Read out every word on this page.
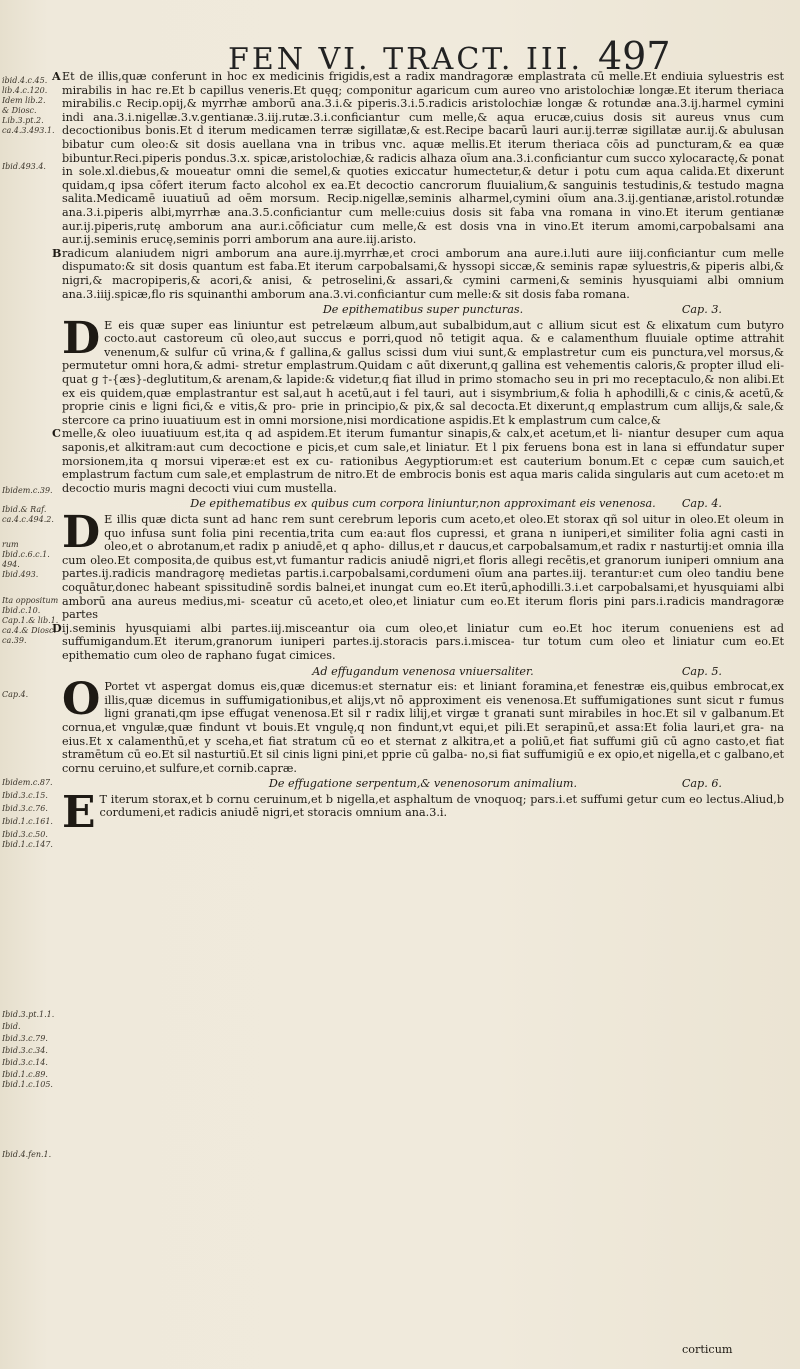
FEN VI. TRACT. III. 497
ibid.4.c.45.
lib.4.c.120.
Idem lib.2.
& Diosc.
Lib.3.pt.2.
ca.4.3.493.1.
Ibid.493.4.
Ibidem.c.39.
Ibid.& Raf.
ca.4.c.494.2.
rum
Ibid.c.6.c.1.
494.
Ibid.493.
Ita oppositum
Ibid.c.10.
Cap.1.& lib.1.
ca.4.& Diosc.
ca.39.
Cap.4.
Ibidem.c.87.
Ibid.3.c.15.
Ibid.3.c.76.
Ibid.1.c.161.
Ibid.3.c.50.
Ibid.1.c.147.
Ibid.3.pt.1.1.
Ibid.
Ibid.3.c.79.
Ibid.3.c.34.
Ibid.3.c.14.
Ibid.1.c.89.
Ibid.1.c.105.
Ibid.4.fen.1.

AEt de illis,quæ conferunt in hoc ex medicinis frigidis,est a radix mandragoræ emplastrata cū melle.Et endiuia syluestris est mirabilis in hac re.Et b capillus veneris.Et quęq; componitur agaricum cum aureo vno aristolochiæ longæ.Et iterum theriaca mirabilis.c Recip.opij,& myrrhæ amborū ana.3.i.& piperis.3.i.5.radicis aristolochiæ longæ & rotundæ ana.3.ij.harmel cymini indi ana.3.i.nigellæ.3.v.gentianæ.3.iij.rutæ.3.i.conficiantur cum melle,& aqua erucæ,cuius dosis sit aureus vnus cum decoctionibus bonis.Et d iterum medicamen terræ sigillatæ,& est.Recipe bacarū lauri aur.ij.terræ sigillatæ aur.ij.& abulusan bibatur cum oleo:& sit dosis auellana vna in tribus vnc. aquæ mellis.Et iterum theriaca cōis ad puncturam,& ea quæ bibuntur.Reci.piperis pondus.3.x. spicæ,aristolochiæ,& radicis alhaza oīum ana.3.i.conficiantur cum succo xylocaractę,& ponat in sole.xl.diebus,& moueatur omni die semel,& quoties exiccatur humectetur,& detur i potu cum aqua calida.Et dixerunt quidam,q ipsa cōfert iterum facto alcohol ex ea.Et decoctio cancrorum fluuialium,& sanguinis testudinis,& testudo magna salita.Medicamē iuuatiuū ad oēm morsum. Recip.nigellæ,seminis alharmel,cymini oīum ana.3.ij.gentianæ,aristol.rotundæ ana.3.i.piperis albi,myrrhæ ana.3.5.conficiantur cum melle:cuius dosis sit faba vna romana in vino.Et iterum gentianæ aur.ij.piperis,rutę amborum ana aur.i.cōficiatur cum melle,& est dosis vna in vino.Et iterum amomi,carpobalsami ana aur.ij.seminis erucę,seminis porri amborum ana aure.iij.aristo.

Bradicum alaniudem nigri amborum ana aure.ij.myrrhæ,et croci amborum ana aure.i.luti aure iiij.conficiantur cum melle dispumato:& sit dosis quantum est faba.Et iterum carpobalsami,& hyssopi siccæ,& seminis rapæ syluestris,& piperis albi,& nigri,& macropiperis,& acori,& anisi, & petroselini,& assari,& cymini carmeni,& seminis hyusquiami albi omnium ana.3.iiij.spicæ,flo ris squinanthi amborum ana.3.vi.conficiantur cum melle:& sit dosis faba romana.

De epithematibus super puncturas.	Cap. 3.

D E eis quæ super eas liniuntur est petrelæum album,aut subalbidum,aut c allium sicut est & elixatum cum butyro cocto.aut castoreum cū oleo,aut succus e porri,quod nō tetigit aqua. & e calamenthum fluuiale optime attrahit venenum,& sulfur cū vrina,& f gallina,& gallus scissi dum viui sunt,& emplastretur cum eis punctura,vel morsus,& permutetur omni hora,& admi- stretur emplastrum.Quidam c aūt dixerunt,q gallina est vehementis caloris,& propter illud eli- quat g †-{æs}-deglutitum,& arenam,& lapide:& videtur,q fiat illud in primo stomacho seu in pri mo receptaculo,& non alibi.Et ex eis quidem,quæ emplastrantur est sal,aut h acetū,aut i fel tauri, aut i sisymbrium,& folia h aphodilli,& c cinis,& acetū,& proprie cinis e ligni fici,& e vitis,& pro- prie in principio,& pix,& sal decocta.Et dixerunt,q emplastrum cum allijs,& sale,& stercore ca prino iuuatiuum est in omni morsione,nisi mordicatione aspidis.Et k emplastrum cum calce,&

Cmelle,& oleo iuuatiuum est,ita q ad aspidem.Et iterum fumantur sinapis,& calx,et acetum,et li- niantur desuper cum aqua saponis,et alkitram:aut cum decoctione e picis,et cum sale,et liniatur. Et l pix feruens bona est in lana si effundatur super morsionem,ita q morsui viperæ:et est ex cu- rationibus Aegyptiorum:et est cauterium bonum.Et c cepæ cum sauich,et emplastrum factum cum sale,et emplastrum de nitro.Et de embrocis bonis est aqua maris calida singularis aut cum aceto:et m decoctio muris magni decocti viui cum mustella.

De epithematibus ex quibus cum corpora liniuntur,non approximant eis venenosa. Cap. 4.

D E illis quæ dicta sunt ad hanc rem sunt cerebrum leporis cum aceto,et oleo.Et storax qñ sol uitur in oleo.Et oleum in quo infusa sunt folia pini recentia,trita cum ea:aut flos cupressi, et grana n iuniperi,et similiter folia agni casti in oleo,et o abrotanum,et radix p aniudē,et q apho- dillus,et r daucus,et carpobalsamum,et radix r nasturtij:et omnia illa cum oleo.Et composita,de quibus est,vt fumantur radicis aniudē nigri,et floris allegi recētis,et granorum iuniperi omnium ana partes.ij.radicis mandragorę medietas partis.i.carpobalsami,cordumeni oīum ana partes.iij. terantur:et cum oleo tandiu bene coquātur,donec habeant spissitudinē sordis balnei,et inungat cum eo.Et iterū,aphodilli.3.i.et carpobalsami,et hyusquiami albi amborū ana aureus medius,mi- sceatur cū aceto,et oleo,et liniatur cum eo.Et iterum floris pini pars.i.radicis mandragoræ partes

Dij.seminis hyusquiami albi partes.iij.misceantur oia cum oleo,et liniatur cum eo.Et hoc iterum conueniens est ad suffumigandum.Et iterum,granorum iuniperi partes.ij.storacis pars.i.miscea- tur totum cum oleo et liniatur cum eo.Et epithematio cum oleo de raphano fugat cimices.

Ad effugandum venenosa vniuersaliter.	Cap. 5.

O Portet vt aspergat domus eis,quæ dicemus:et sternatur eis: et liniant foramina,et fenestræ eis,quibus embrocat,ex illis,quæ dicemus in suffumigationibus,et alijs,vt nō approximent eis venenosa.Et suffumigationes sunt sicut r fumus ligni granati,qm ipse effugat venenosa.Et sil r radix lilij,et virgæ t granati sunt mirabiles in hoc.Et sil v galbanum.Et cornua,et vngulæ,quæ findunt vt bouis.Et vngulę,q non findunt,vt equi,et pili.Et serapinū,et assa:Et folia lauri,et gra- na eius.Et x calamenthū,et y sceha,et fiat stratum cū eo et sternat z alkitra,et a poliū,et fiat suffumi giū cū agno casto,et fiat stramētum cū eo.Et sil nasturtiū.Et sil cinis ligni pini,et pprie cū galba- no,si fiat suffumigiū e ex opio,et nigella,et c galbano,et cornu ceruino,et sulfure,et cornib.capræ.

De effugatione serpentum,& venenosorum animalium.	Cap. 6.

E T iterum storax,et b cornu ceruinum,et b nigella,et asphaltum de vnoquoq; pars.i.et suffumi getur cum eo lectus.Aliud,b cordumeni,et radicis aniudē nigri,et storacis omnium ana.3.i.

corticum
